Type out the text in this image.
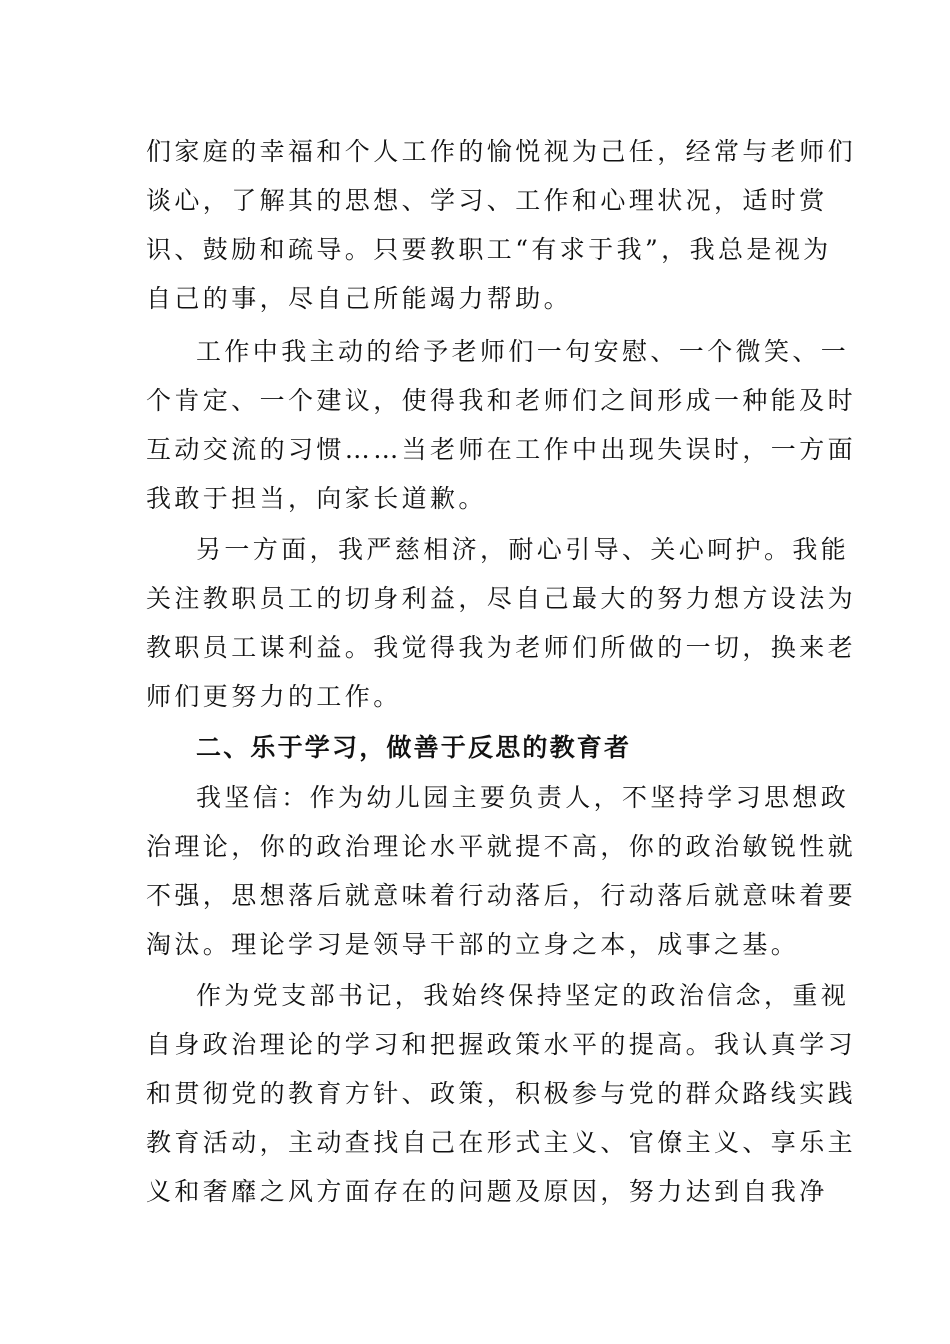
们家庭的幸福和个人工作的愉悦视为己任，经常与老师们
谈心，了解其的思想、学习、工作和心理状况，适时赏
识、鼓励和疏导。只要教职工“有求于我”，我总是视为
自己的事，尽自己所能竭力帮助。
工作中我主动的给予老师们一句安慰、一个微笑、一
个肯定、一个建议，使得我和老师们之间形成一种能及时
互动交流的习惯……当老师在工作中出现失误时，一方面
我敢于担当，向家长道歉。
另一方面，我严慈相济，耐心引导、关心呵护。我能
关注教职员工的切身利益，尽自己最大的努力想方设法为
教职员工谋利益。我觉得我为老师们所做的一切，换来老
师们更努力的工作。
二、乐于学习，做善于反思的教育者
我坚信：作为幼儿园主要负责人，不坚持学习思想政
治理论，你的政治理论水平就提不高，你的政治敏锐性就
不强，思想落后就意味着行动落后，行动落后就意味着要
淘汰。理论学习是领导干部的立身之本，成事之基。
作为党支部书记，我始终保持坚定的政治信念，重视
自身政治理论的学习和把握政策水平的提高。我认真学习
和贯彻党的教育方针、政策，积极参与党的群众路线实践
教育活动，主动查找自己在形式主义、官僚主义、享乐主
义和奢靡之风方面存在的问题及原因，努力达到自我净
